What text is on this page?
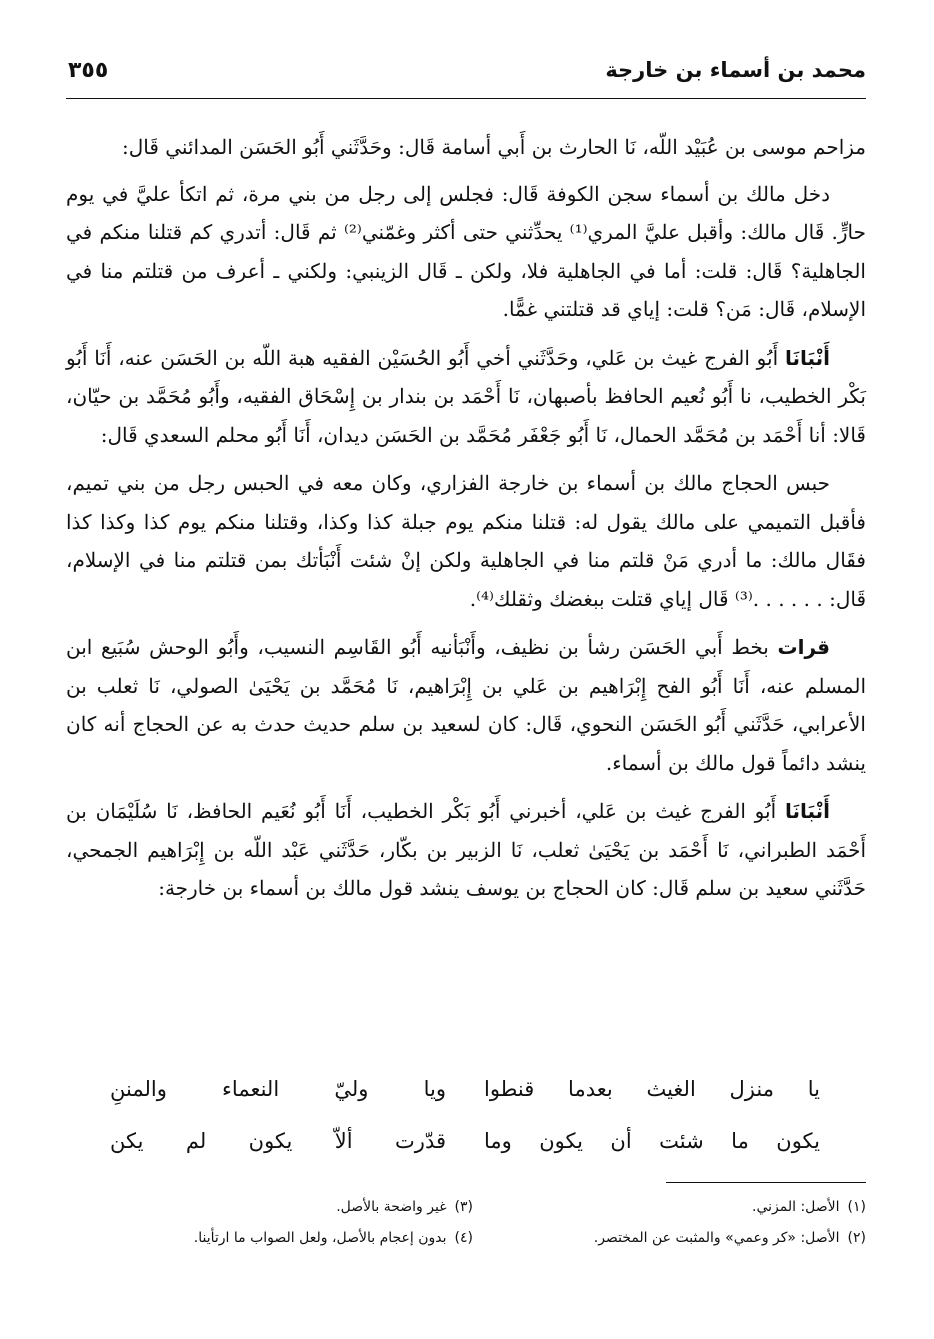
محمد بن أسماء بن خارجة
٣٥٥

مزاحم موسى بن عُبَيْد اللّه، نَا الحارث بن أَبي أسامة قَال: وحَدَّثَني أَبُو الحَسَن المدائني قَال:

دخل مالك بن أسماء سجن الكوفة قَال: فجلس إلى رجل من بني مرة، ثم اتكأ عليَّ في يوم حارٍّ. قَال مالك: وأقبل عليَّ المري⁽¹⁾ يحدِّثني حتى أكثر وغمّني⁽²⁾ ثم قَال: أتدري كم قتلنا منكم في الجاهلية؟ قَال: قلت: أما في الجاهلية فلا، ولكن ـ قَال الزينبي: ولكني ـ أعرف من قتلتم منا في الإسلام، قَال: مَن؟ قلت: إياي قد قتلتني غمًّا.

أَنْبَانَا أَبُو الفرج غيث بن عَلي، وحَدَّثَني أخي أَبُو الحُسَيْن الفقيه هبة اللّه بن الحَسَن عنه، أَنَا أَبُو بَكْر الخطيب، نا أَبُو نُعيم الحافظ بأصبهان، نَا أَحْمَد بن بندار بن إِسْحَاق الفقيه، وأَبُو مُحَمَّد بن حيّان، قَالا: أنا أَحْمَد بن مُحَمَّد الحمال، نَا أَبُو جَعْفَر مُحَمَّد بن الحَسَن ديدان، أَنَا أَبُو محلم السعدي قَال:

حبس الحجاج مالك بن أسماء بن خارجة الفزاري، وكان معه في الحبس رجل من بني تميم، فأقبل التميمي على مالك يقول له: قتلنا منكم يوم جبلة كذا وكذا، وقتلنا منكم يوم كذا وكذا كذا فقَال مالك: ما أدري مَنْ قلتم منا في الجاهلية ولكن إنْ شئت أَنْبَأتك بمن قتلتم منا في الإسلام، قَال: . . . . . .⁽³⁾ قَال إياي قتلت ببغضك وثقلك⁽⁴⁾.

قرات بخط أَبي الحَسَن رشأ بن نظيف، وأَنْبَأنيه أَبُو القَاسِم النسيب، وأَبُو الوحش سُبَيع ابن المسلم عنه، أَنَا أَبُو الفح إِبْرَاهيم بن عَلي بن إِبْرَاهيم، نَا مُحَمَّد بن يَحْيَىٰ الصولي، نَا ثعلب بن الأعرابي، حَدَّثَني أَبُو الحَسَن النحوي، قَال: كان لسعيد بن سلم حديث حدث به عن الحجاج أنه كان ينشد دائماً قول مالك بن أسماء.

أَنْبَانَا أَبُو الفرج غيث بن عَلي، أخبرني أَبُو بَكْر الخطيب، أَنَا أَبُو نُعَيم الحافظ، نَا سُلَيْمَان بن أَحْمَد الطبراني، نَا أَحْمَد بن يَحْيَىٰ ثعلب، نَا الزبير بن بكّار، حَدَّثَني عَبْد اللّه بن إِبْرَاهيم الجمحي، حَدَّثَني سعيد بن سلم قَال: كان الحجاج بن يوسف ينشد قول مالك بن أسماء بن خارجة:

يا منزل الغيث بعدما قنطوا
ويا وليّ النعماء والمننِ
يكون ما شئت أن يكون وما
قدّرت ألاّ يكون لم يكن
(١)الأصل: المزني.
(٣)غير واضحة بالأصل.
(٢)الأصل: «كر وعمي» والمثبت عن المختصر.
(٤)بدون إعجام بالأصل، ولعل الصواب ما ارتأينا.
